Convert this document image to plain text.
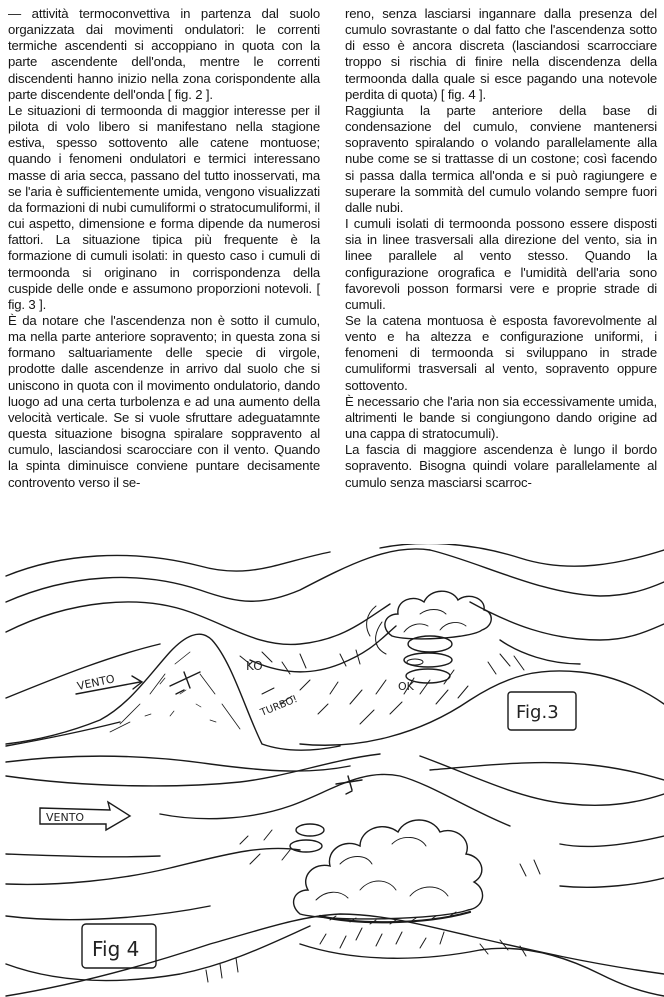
— attività termoconvettiva in partenza dal suolo organizzata dai movimenti ondulatori: le correnti termiche ascendenti si accoppiano in quota con la parte ascendente dell'onda, mentre le correnti discendenti hanno inizio nella zona corispondente alla parte discendente dell'onda [ fig. 2 ].

Le situazioni di termoonda di maggior interesse per il pilota di volo libero si manifestano nella stagione estiva, spesso sottovento alle catene montuose; quando i fenomeni ondulatori e termici interessano masse di aria secca, passano del tutto inosservati, ma se l'aria è sufficientemente umida, vengono visualizzati da formazioni di nubi cumuliformi o stratocumuliformi, il cui aspetto, dimensione e forma dipende da numerosi fattori. La situazione tipica più frequente è la formazione di cumuli isolati: in questo caso i cumuli di termoonda si originano in corrispondenza della cuspide delle onde e assumono proporzioni notevoli. [ fig. 3 ].

È da notare che l'ascendenza non è sotto il cumulo, ma nella parte anteriore sopravento; in questa zona si formano saltuariamente delle specie di virgole, prodotte dalle ascendenze in arrivo dal suolo che si uniscono in quota con il movimento ondulatorio, dando luogo ad una certa turbolenza e ad una aumento della velocità verticale. Se si vuole sfruttare adeguatamnte questa situazione bisogna spiralare soppravento al cumulo, lasciandosi scarocciare con il vento. Quando la spinta diminuisce conviene puntare decisamente controvento verso il se-

reno, senza lasciarsi ingannare dalla presenza del cumulo sovrastante o dal fatto che l'ascendenza sotto di esso è ancora discreta (lasciandosi scarrocciare troppo si rischia di finire nella discendenza della termoonda dalla quale si esce pagando una notevole perdita di quota) [ fig. 4 ].

Raggiunta la parte anteriore della base di condensazione del cumulo, conviene mantenersi sopravento spiralando o volando parallelamente alla nube come se si trattasse di un costone; così facendo si passa dalla termica all'onda e si può ragiungere e superare la sommità del cumulo volando sempre fuori dalle nubi.

I cumuli isolati di termoonda possono essere disposti sia in linee trasversali alla direzione del vento, sia in linee parallele al vento stesso. Quando la configurazione orografica e l'umidità dell'aria sono favorevoli posson formarsi vere e proprie strade di cumuli.

Se la catena montuosa è esposta favorevolmente al vento e ha altezza e configurazione uniformi, i fenomeni di termoonda si sviluppano in strade cumuliformi trasversali al vento, sopravento oppure sottovento.

È necessario che l'aria non sia eccessivamente umida, altrimenti le bande si congiungono dando origine ad una cappa di stratocumuli).

La fascia di maggiore ascendenza è lungo il bordo sopravento. Bisogna quindi volare parallelamente al cumulo senza masciarsi scarroc-

VENTO
KO
TURBO!
OK
Fig.3
VENTO
Fig 4
